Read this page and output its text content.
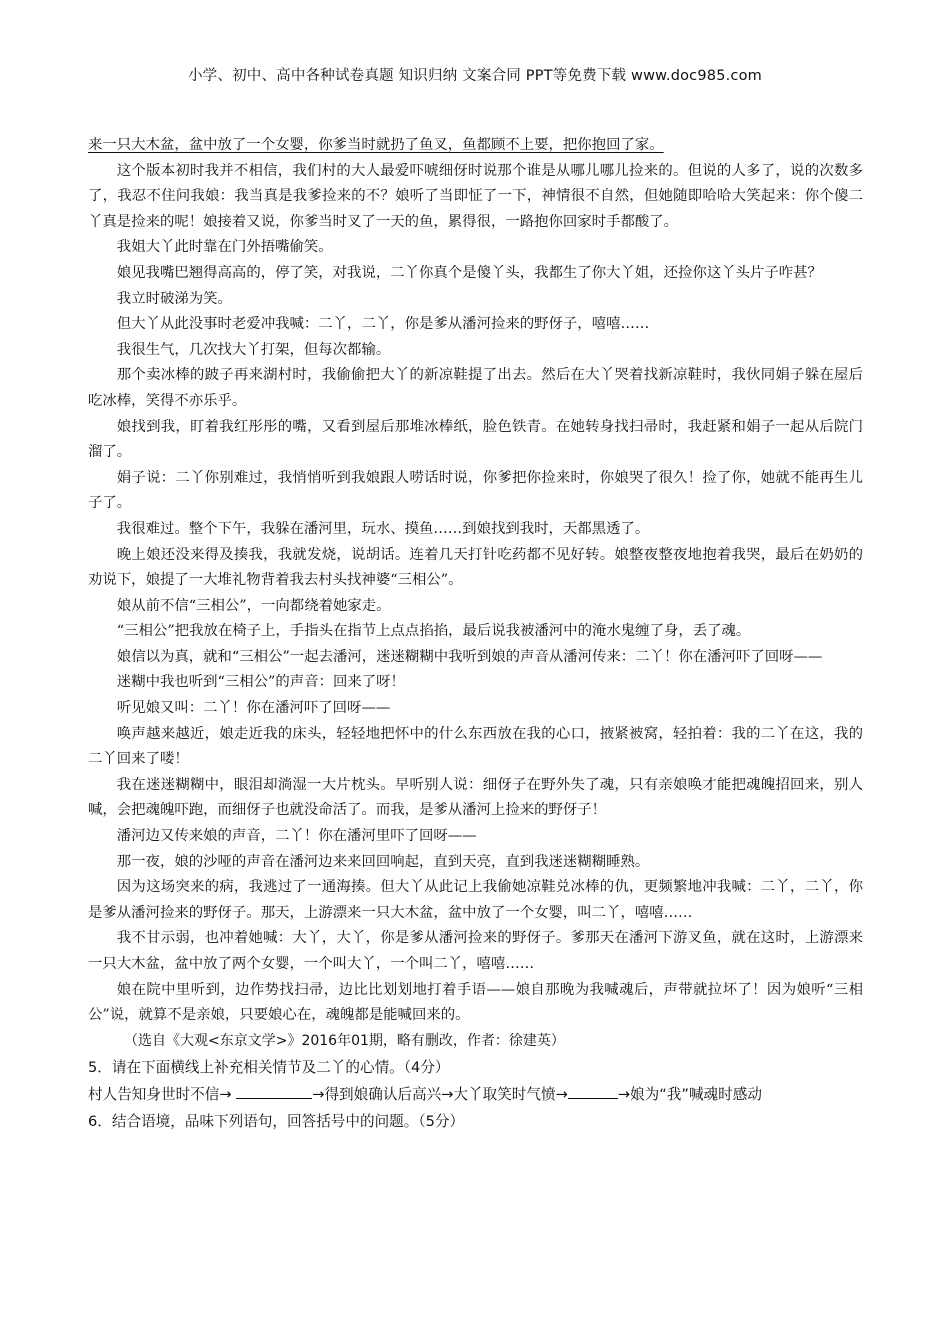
小学、初中、高中各种试卷真题 知识归纳 文案合同 PPT等免费下载 www.doc985.com

来一只大木盆，盆中放了一个女婴，你爹当时就扔了鱼叉，鱼都顾不上要，把你抱回了家。

这个版本初时我并不相信，我们村的大人最爱吓唬细伢时说那个谁是从哪儿哪儿捡来的。但说的人多了，说的次数多了，我忍不住问我娘：我当真是我爹捡来的不？娘听了当即怔了一下，神情很不自然，但她随即哈哈大笑起来：你个傻二丫真是捡来的呢！娘接着又说，你爹当时叉了一天的鱼，累得很，一路抱你回家时手都酸了。

我姐大丫此时靠在门外捂嘴偷笑。

娘见我嘴巴翘得高高的，停了笑，对我说，二丫你真个是傻丫头，我都生了你大丫姐，还捡你这丫头片子咋甚？

我立时破涕为笑。

但大丫从此没事时老爱冲我喊：二丫，二丫，你是爹从潘河捡来的野伢子，嘻嘻……

我很生气，几次找大丫打架，但每次都输。

那个卖冰棒的跛子再来湖村时，我偷偷把大丫的新凉鞋提了出去。然后在大丫哭着找新凉鞋时，我伙同娟子躲在屋后吃冰棒，笑得不亦乐乎。

娘找到我，盯着我红彤彤的嘴，又看到屋后那堆冰棒纸，脸色铁青。在她转身找扫帚时，我赶紧和娟子一起从后院门溜了。

娟子说：二丫你别难过，我悄悄听到我娘跟人唠话时说，你爹把你捡来时，你娘哭了很久！捡了你，她就不能再生儿子了。

我很难过。整个下午，我躲在潘河里，玩水、摸鱼……到娘找到我时，天都黑透了。

晚上娘还没来得及揍我，我就发烧，说胡话。连着几天打针吃药都不见好转。娘整夜整夜地抱着我哭，最后在奶奶的劝说下，娘提了一大堆礼物背着我去村头找神婆“三相公”。

娘从前不信“三相公”，一向都绕着她家走。

“三相公”把我放在椅子上，手指头在指节上点点掐掐，最后说我被潘河中的淹水鬼缠了身，丢了魂。

娘信以为真，就和“三相公”一起去潘河，迷迷糊糊中我听到娘的声音从潘河传来：二丫！你在潘河吓了回呀——

迷糊中我也听到“三相公”的声音：回来了呀！

听见娘又叫：二丫！你在潘河吓了回呀——

唤声越来越近，娘走近我的床头，轻轻地把怀中的什么东西放在我的心口，掖紧被窝，轻拍着：我的二丫在这，我的二丫回来了喽！

我在迷迷糊糊中，眼泪却淌湿一大片枕头。早听别人说：细伢子在野外失了魂，只有亲娘唤才能把魂魄招回来，别人喊，会把魂魄吓跑，而细伢子也就没命活了。而我，是爹从潘河上捡来的野伢子！

潘河边又传来娘的声音，二丫！你在潘河里吓了回呀——

那一夜，娘的沙哑的声音在潘河边来来回回响起，直到天亮，直到我迷迷糊糊睡熟。

因为这场突来的病，我逃过了一通海揍。但大丫从此记上我偷她凉鞋兑冰棒的仇，更频繁地冲我喊：二丫，二丫，你是爹从潘河捡来的野伢子。那天，上游漂来一只大木盆，盆中放了一个女婴，叫二丫，嘻嘻……

我不甘示弱，也冲着她喊：大丫，大丫，你是爹从潘河捡来的野伢子。爹那天在潘河下游叉鱼，就在这时，上游漂来一只大木盆，盆中放了两个女婴，一个叫大丫，一个叫二丫，嘻嘻……

娘在院中里听到，边作势找扫帚，边比比划划地打着手语——娘自那晚为我喊魂后，声带就拉坏了！因为娘听“三相公”说，就算不是亲娘，只要娘心在，魂魄都是能喊回来的。

（选自《大观<东京文学>》2016年01期，略有删改，作者：徐建英）

5．请在下面横线上补充相关情节及二丫的心情。（4分）

村人告知身世时不信→	→得到娘确认后高兴→大丫取笑时气愤→	→娘为“我”喊魂时感动

6．结合语境，品味下列语句，回答括号中的问题。（5分）
